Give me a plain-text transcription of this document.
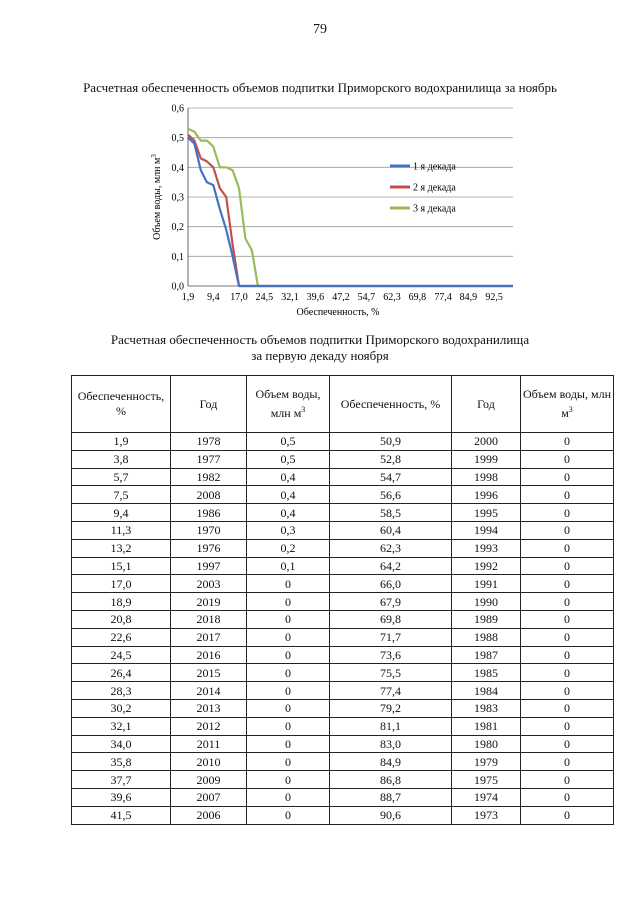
79
Расчетная обеспеченность объемов подпитки Приморского водохранилища за ноябрь
0,0
0,1
0,2
0,3
0,4
0,5
0,6
1,9 9,4 17,0 24,5 32,1 39,6 47,2 54,7 62,3 69,8 77,4 84,9 92,5
Обеспеченность, %
Объем воды, млн $м^3$
1 я декада
2 я декада
3 я декада
Расчетная обеспеченность объемов подпитки Приморского водохранилища
за первую декаду ноября
Обеспеченность, %	Год	Объем воды, млн $м^3$	Обеспеченность, %	Год	Объем воды, млн $м^3$
1,9	1978	0,5	50,9	2000	0
3,8	1977	0,5	52,8	1999	0
5,7	1982	0,4	54,7	1998	0
7,5	2008	0,4	56,6	1996	0
9,4	1986	0,4	58,5	1995	0
11,3	1970	0,3	60,4	1994	0
13,2	1976	0,2	62,3	1993	0
15,1	1997	0,1	64,2	1992	0
17,0	2003	0	66,0	1991	0
18,9	2019	0	67,9	1990	0
20,8	2018	0	69,8	1989	0
22,6	2017	0	71,7	1988	0
24,5	2016	0	73,6	1987	0
26,4	2015	0	75,5	1985	0
28,3	2014	0	77,4	1984	0
30,2	2013	0	79,2	1983	0
32,1	2012	0	81,1	1981	0
34,0	2011	0	83,0	1980	0
35,8	2010	0	84,9	1979	0
37,7	2009	0	86,8	1975	0
39,6	2007	0	88,7	1974	0
41,5	2006	0	90,6	1973	0
